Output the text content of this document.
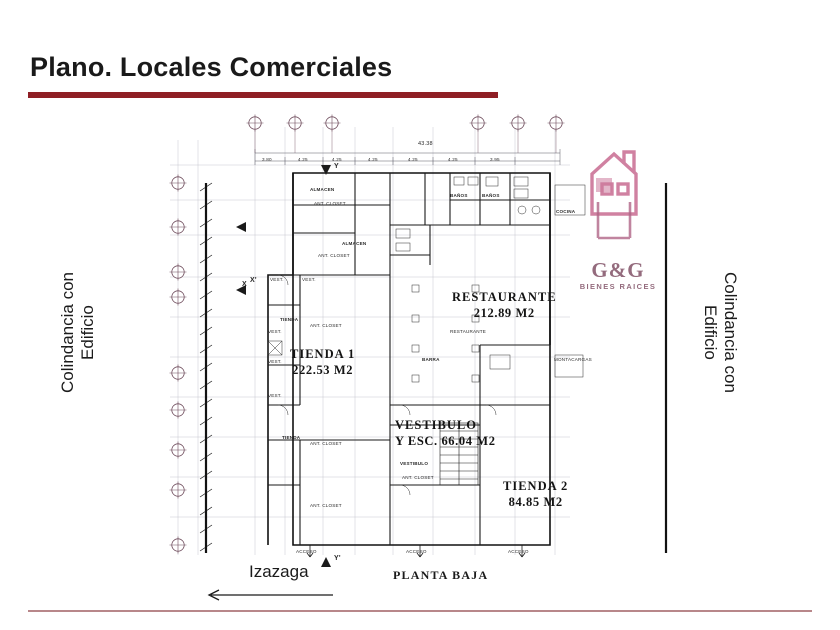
Plano. Locales Comerciales
ALMACEN
ALMACEN
TIENDA
TIENDA
BAÑOS	BAÑOS
COCINA
BARRA
VESTIBULO
VEST.	VEST.
VEST.
VEST.
VEST.
ACCESO	ACCESO	ACCESO
RESTAURANTE
MONTACARGAS
ANT. CLOSET
ANT. CLOSET
ANT. CLOSET
ANT. CLOSET
ANT. CLOSET
ANT. CLOSET
43.38
3.80	4.25	4.25	4.25	4.25	4.25	3.95
X
X'
Y
Y'
TIENDA 1
222.53 M2
RESTAURANTE
212.89 M2
VESTIBULO
Y ESC. 66.04 M2
TIENDA 2
84.85 M2
Colindancia con
Edificio	Colindancia con
Edificio
Izazaga	PLANTA BAJA
G&G
BIENES RAICES
